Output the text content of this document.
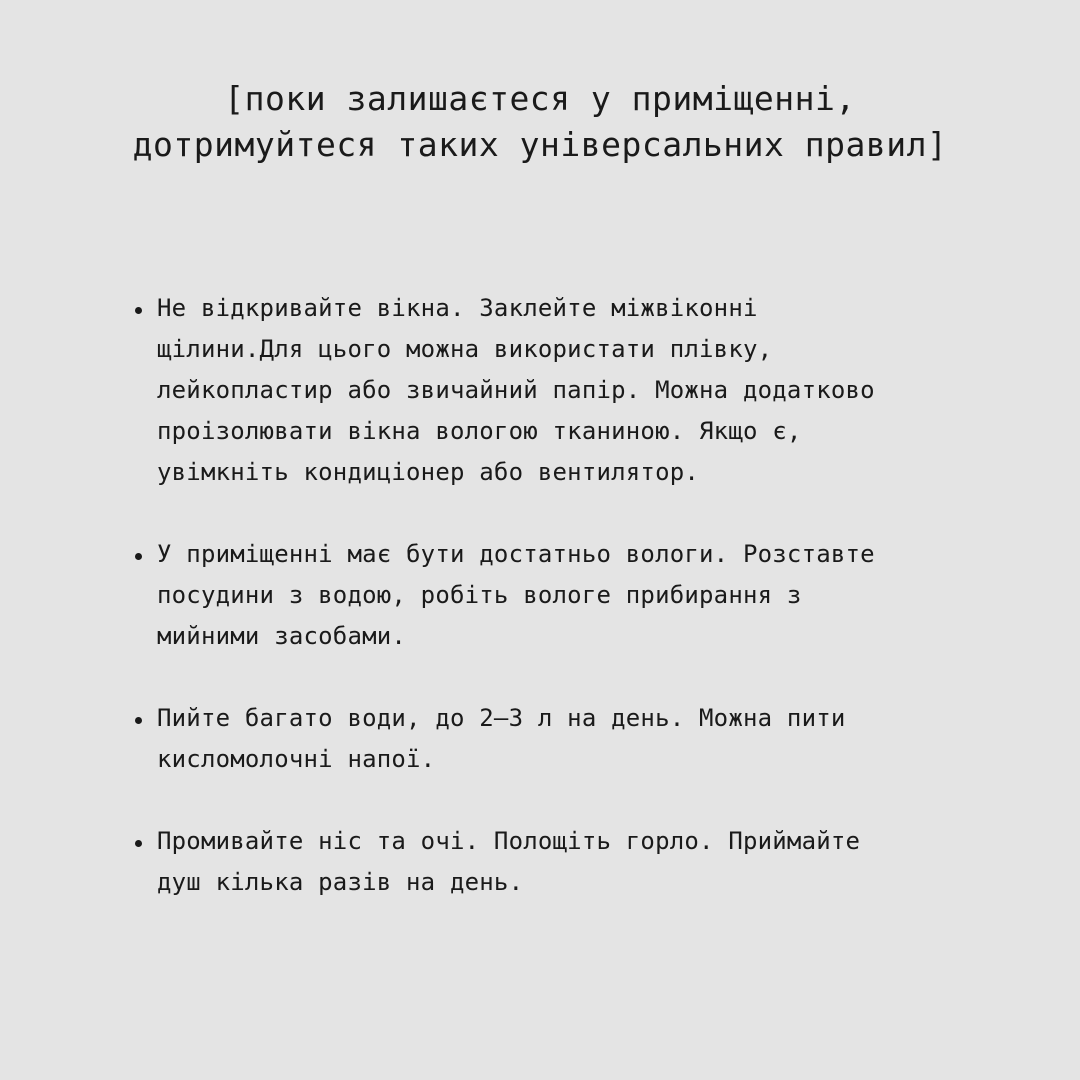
[поки залишаєтеся у приміщенні,
дотримуйтеся таких універсальних правил]
Не відкривайте вікна. Заклейте міжвіконні
щілини.Для цього можна використати плівку,
лейкопластир або звичайний папір. Можна додатково
проізолювати вікна вологою тканиною. Якщо є,
увімкніть кондиціонер або вентилятор.
У приміщенні має бути достатньо вологи. Розставте
посудини з водою, робіть вологе прибирання з
мийними засобами.
Пийте багато води, до 2–3 л на день. Можна пити
кисломолочні напої.
Промивайте ніс та очі. Полощіть горло. Приймайте
душ кілька разів на день.
